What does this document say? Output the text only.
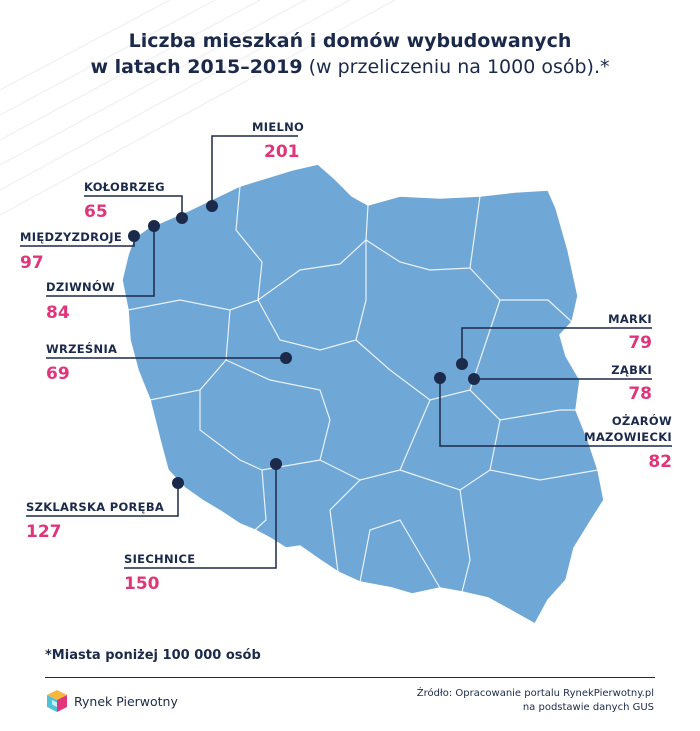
Liczba mieszkań i domów wybudowanych
w latach 2015–2019 (w przeliczeniu na 1000 osób).*
MIELNO
201
KOŁOBRZEG
65
MIĘDZYZDROJE
97
DZIWNÓW
84
WRZEŚNIA
69
SZKLARSKA PORĘBA
127
SIECHNICE
150
MARKI
79
ZĄBKI
78
OŻARÓW
MAZOWIECKI
82
*Miasta poniżej 100 000 osób
Rynek Pierwotny
Źródło: Opracowanie portalu RynekPierwotny.pl
na podstawie danych GUS
